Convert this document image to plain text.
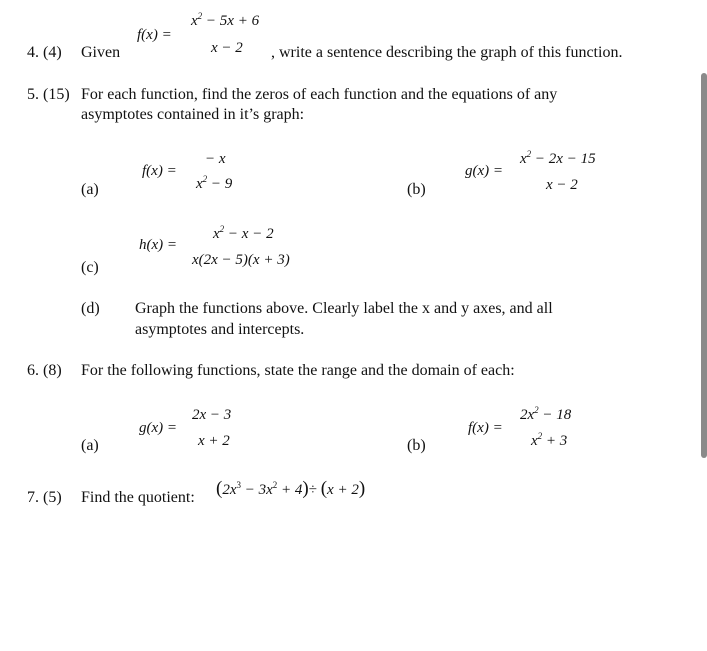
f(x) =
$x^2 - 5x + 6$
x − 2
4. (4) Given	, write a sentence describing the graph of this function.
5. (15) For each function, find the zeros of each function and the equations of any
asymptotes contained in it’s graph:
− x
f(x) =
$x^2 - 9$
(a)
$x^2 - 2x - 15$
g(x) =
x − 2
(b)
$x^2 - x - 2$
h(x) =
x(2x − 5)(x + 3)
(c)
(d) Graph the functions above. Clearly label the x and y axes, and all
asymptotes and intercepts.
6. (8) For the following functions, state the range and the domain of each:
2x − 3
g(x) =
x + 2
(a)
$2x^2 - 18$
f(x) =
$x^2 + 3$
(b)
7. (5) Find the quotient: $(2x^3 - 3x^2 + 4)\div (x + 2)$
